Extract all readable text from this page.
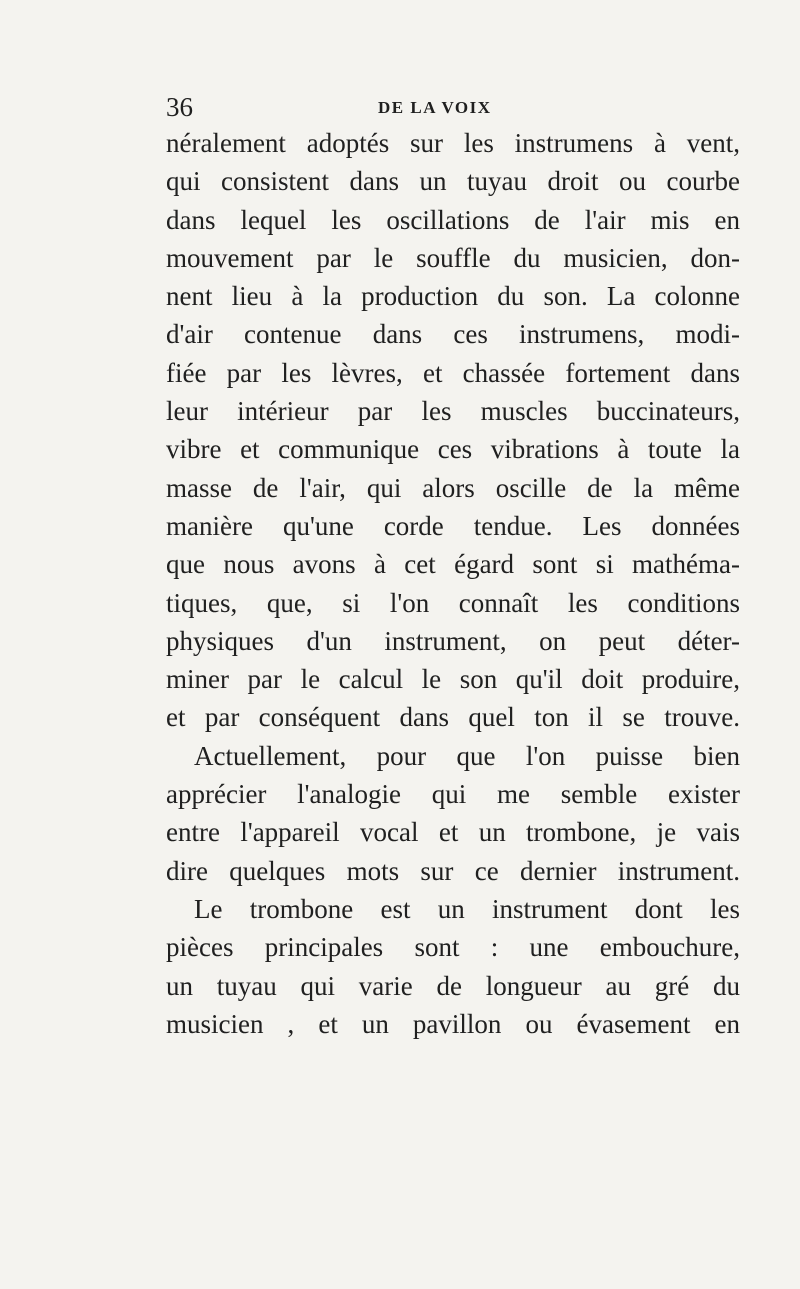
36	DE LA VOIX
néralement adoptés sur les instrumens à vent,
qui consistent dans un tuyau droit ou courbe
dans lequel les oscillations de l'air mis en
mouvement par le souffle du musicien, don-
nent lieu à la production du son. La colonne
d'air contenue dans ces instrumens, modi-
fiée par les lèvres, et chassée fortement dans
leur intérieur par les muscles buccinateurs,
vibre et communique ces vibrations à toute la
masse de l'air, qui alors oscille de la même
manière qu'une corde tendue. Les données
que nous avons à cet égard sont si mathéma-
tiques, que, si l'on connaît les conditions
physiques d'un instrument, on peut déter-
miner par le calcul le son qu'il doit produire,
et par conséquent dans quel ton il se trouve.
Actuellement, pour que l'on puisse bien
apprécier l'analogie qui me semble exister
entre l'appareil vocal et un trombone, je vais
dire quelques mots sur ce dernier instrument.
Le trombone est un instrument dont les
pièces principales sont : une embouchure,
un tuyau qui varie de longueur au gré du
musicien , et un pavillon ou évasement en
